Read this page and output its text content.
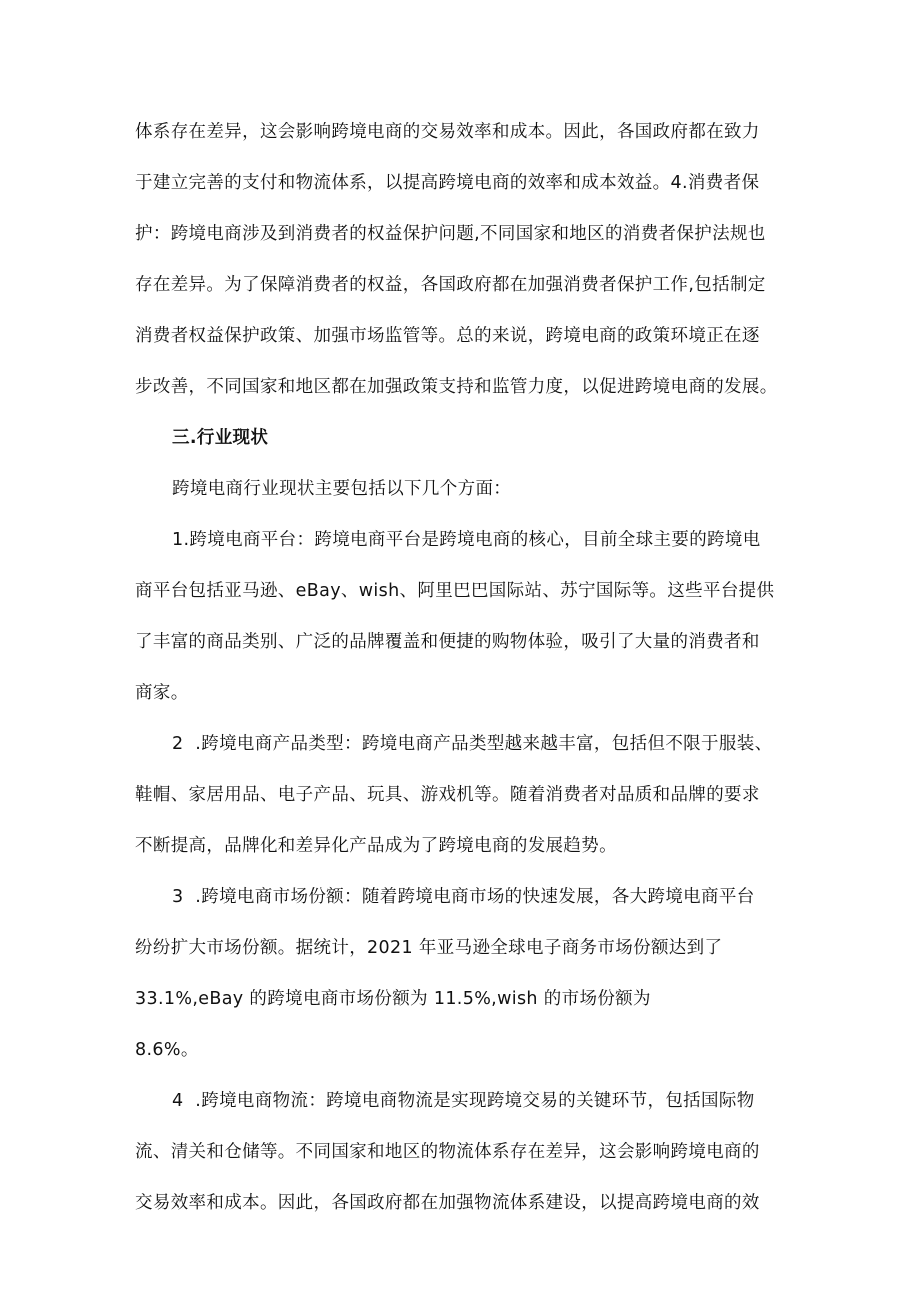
体系存在差异，这会影响跨境电商的交易效率和成本。因此，各国政府都在致力
于建立完善的支付和物流体系，以提高跨境电商的效率和成本效益。4.消费者保
护：跨境电商涉及到消费者的权益保护问题,不同国家和地区的消费者保护法规也
存在差异。为了保障消费者的权益，各国政府都在加强消费者保护工作,包括制定
消费者权益保护政策、加强市场监管等。总的来说，跨境电商的政策环境正在逐
步改善，不同国家和地区都在加强政策支持和监管力度，以促进跨境电商的发展。
三.行业现状
跨境电商行业现状主要包括以下几个方面：
1.跨境电商平台：跨境电商平台是跨境电商的核心，目前全球主要的跨境电
商平台包括亚马逊、eBay、wish、阿里巴巴国际站、苏宁国际等。这些平台提供
了丰富的商品类别、广泛的品牌覆盖和便捷的购物体验，吸引了大量的消费者和
商家。
2  .跨境电商产品类型：跨境电商产品类型越来越丰富，包括但不限于服装、
鞋帽、家居用品、电子产品、玩具、游戏机等。随着消费者对品质和品牌的要求
不断提高，品牌化和差异化产品成为了跨境电商的发展趋势。
3  .跨境电商市场份额：随着跨境电商市场的快速发展，各大跨境电商平台
纷纷扩大市场份额。据统计，2021 年亚马逊全球电子商务市场份额达到了
33.1%,eBay 的跨境电商市场份额为 11.5%,wish 的市场份额为
8.6%。
4  .跨境电商物流：跨境电商物流是实现跨境交易的关键环节，包括国际物
流、清关和仓储等。不同国家和地区的物流体系存在差异，这会影响跨境电商的
交易效率和成本。因此，各国政府都在加强物流体系建设，以提高跨境电商的效
